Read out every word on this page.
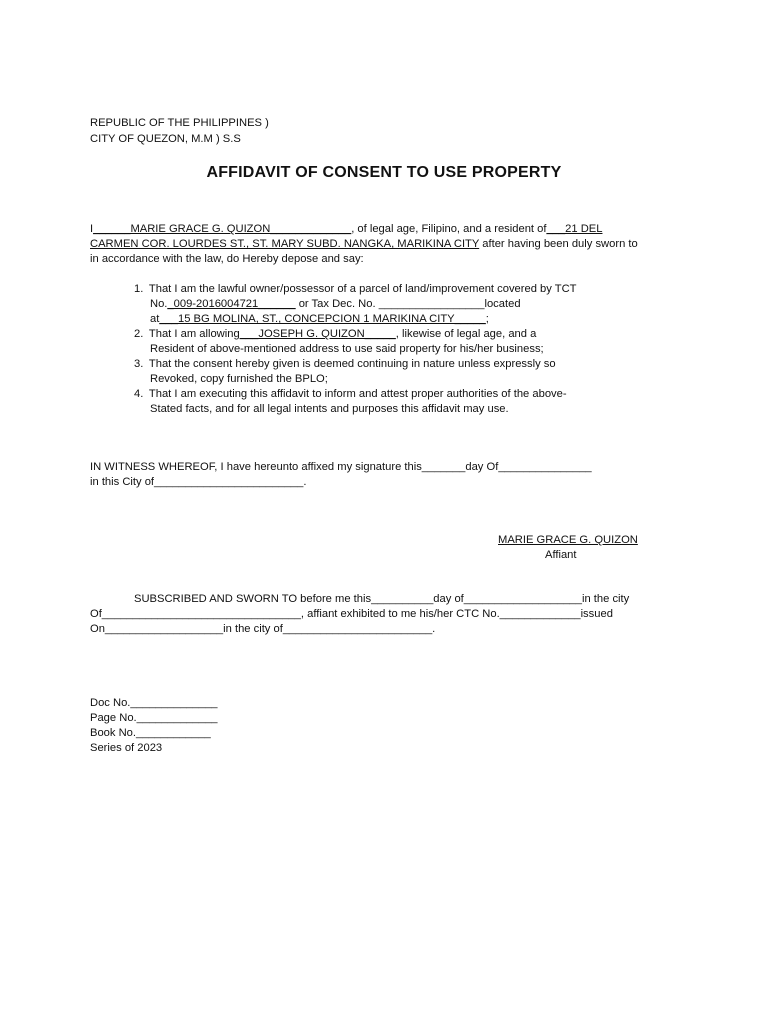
REPUBLIC OF THE PHILIPPINES )
CITY OF QUEZON, M.M ) S.S
AFFIDAVIT OF CONSENT TO USE PROPERTY
I______MARIE GRACE G. QUIZON_____________, of legal age, Filipino, and a resident of___21 DEL
CARMEN COR. LOURDES ST., ST. MARY SUBD. NANGKA, MARIKINA CITY after having been duly sworn to
in accordance with the law, do Hereby depose and say:
1. That I am the lawful owner/possessor of a parcel of land/improvement covered by TCT
No._009-2016004721______ or Tax Dec. No. _________________located
at___15 BG MOLINA, ST., CONCEPCION 1 MARIKINA CITY_____;
2. That I am allowing___JOSEPH G. QUIZON_____, likewise of legal age, and a
Resident of above-mentioned address to use said property for his/her business;
3. That the consent hereby given is deemed continuing in nature unless expressly so
Revoked, copy furnished the BPLO;
4. That I am executing this affidavit to inform and attest proper authorities of the above-
Stated facts, and for all legal intents and purposes this affidavit may use.
IN WITNESS WHEREOF, I have hereunto affixed my signature this_______day Of_______________
in this City of________________________.
MARIE GRACE G. QUIZON
Affiant
SUBSCRIBED AND SWORN TO before me this__________day of___________________in the city
Of________________________________, affiant exhibited to me his/her CTC No._____________issued
On___________________in the city of________________________.
Doc No.______________
Page No._____________
Book No.____________
Series of 2023
